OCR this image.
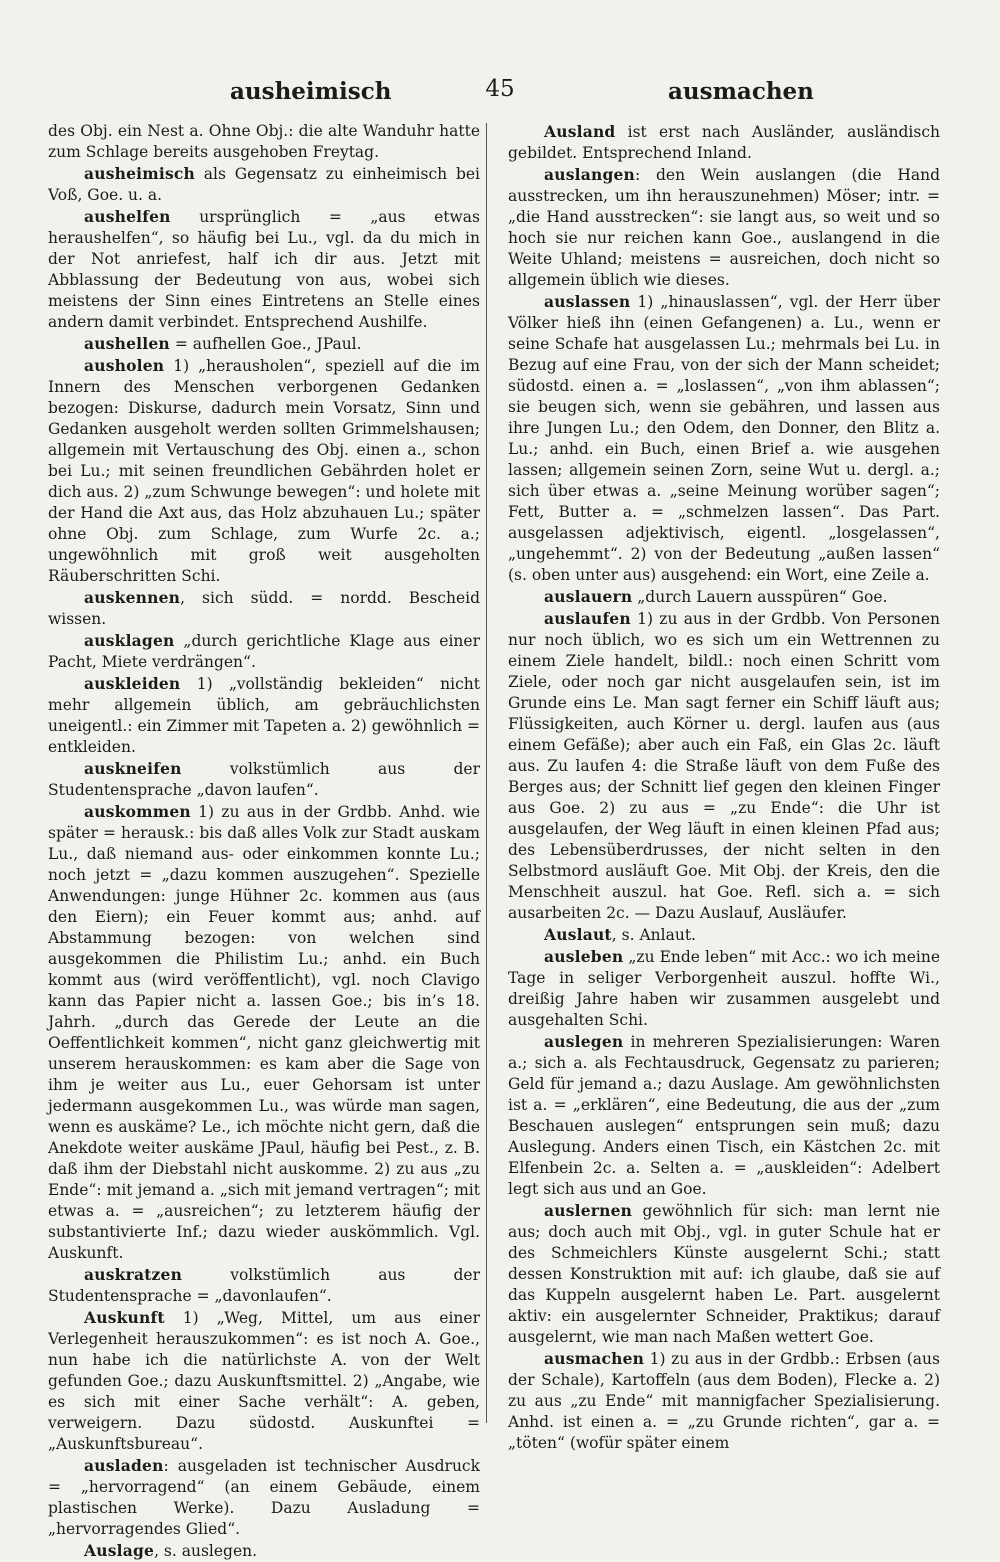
ausheimisch	45	ausmachen

des Obj. ein Nest a. Ohne Obj.: die alte Wanduhr hatte zum Schlage bereits ausgehoben Freytag.

ausheimisch als Gegensatz zu einheimisch bei Voß, Goe. u. a.

aushelfen ursprünglich = „aus etwas heraushelfen“, so häufig bei Lu., vgl. da du mich in der Not anriefest, half ich dir aus. Jetzt mit Abblassung der Bedeutung von aus, wobei sich meistens der Sinn eines Eintretens an Stelle eines andern damit verbindet. Entsprechend Aushilfe.

aushellen = aufhellen Goe., JPaul.

ausholen 1) „herausholen“, speziell auf die im Innern des Menschen verborgenen Gedanken bezogen: Diskurse, dadurch mein Vorsatz, Sinn und Gedanken ausgeholt werden sollten Grimmelshausen; allgemein mit Vertauschung des Obj. einen a., schon bei Lu.; mit seinen freundlichen Gebährden holet er dich aus. 2) „zum Schwunge bewegen“: und holete mit der Hand die Axt aus, das Holz abzuhauen Lu.; später ohne Obj. zum Schlage, zum Wurfe 2c. a.; ungewöhnlich mit groß weit ausgeholten Räuberschritten Schi.

auskennen, sich südd. = nordd. Bescheid wissen.

ausklagen „durch gerichtliche Klage aus einer Pacht, Miete verdrängen“.

auskleiden 1) „vollständig bekleiden“ nicht mehr allgemein üblich, am gebräuchlichsten uneigentl.: ein Zimmer mit Tapeten a. 2) gewöhnlich = entkleiden.

auskneifen volkstümlich aus der Studentensprache „davon laufen“.

auskommen 1) zu aus in der Grdbb. Anhd. wie später = herausk.: bis daß alles Volk zur Stadt auskam Lu., daß niemand aus- oder einkommen konnte Lu.; noch jetzt = „dazu kommen auszugehen“. Spezielle Anwendungen: junge Hühner 2c. kommen aus (aus den Eiern); ein Feuer kommt aus; anhd. auf Abstammung bezogen: von welchen sind ausgekommen die Philistim Lu.; anhd. ein Buch kommt aus (wird veröffentlicht), vgl. noch Clavigo kann das Papier nicht a. lassen Goe.; bis in’s 18. Jahrh. „durch das Gerede der Leute an die Oeffentlichkeit kommen“, nicht ganz gleichwertig mit unserem herauskommen: es kam aber die Sage von ihm je weiter aus Lu., euer Gehorsam ist unter jedermann ausgekommen Lu., was würde man sagen, wenn es auskäme? Le., ich möchte nicht gern, daß die Anekdote weiter auskäme JPaul, häufig bei Pest., z. B. daß ihm der Diebstahl nicht auskomme. 2) zu aus „zu Ende“: mit jemand a. „sich mit jemand vertragen“; mit etwas a. = „ausreichen“; zu letzterem häufig der substantivierte Inf.; dazu wieder auskömmlich. Vgl. Auskunft.

auskratzen volkstümlich aus der Studentensprache = „davonlaufen“.

Auskunft 1) „Weg, Mittel, um aus einer Verlegenheit herauszukommen“: es ist noch A. Goe., nun habe ich die natürlichste A. von der Welt gefunden Goe.; dazu Auskunftsmittel. 2) „Angabe, wie es sich mit einer Sache verhält“: A. geben, verweigern. Dazu südostd. Auskunftei = „Auskunftsbureau“.

ausladen: ausgeladen ist technischer Ausdruck = „hervorragend“ (an einem Gebäude, einem plastischen Werke). Dazu Ausladung = „hervorragendes Glied“.

Auslage, s. auslegen.

Ausland ist erst nach Ausländer, ausländisch gebildet. Entsprechend Inland.

auslangen: den Wein auslangen (die Hand ausstrecken, um ihn herauszunehmen) Möser; intr. = „die Hand ausstrecken“: sie langt aus, so weit und so hoch sie nur reichen kann Goe., auslangend in die Weite Uhland; meistens = ausreichen, doch nicht so allgemein üblich wie dieses.

auslassen 1) „hinauslassen“, vgl. der Herr über Völker hieß ihn (einen Gefangenen) a. Lu., wenn er seine Schafe hat ausgelassen Lu.; mehrmals bei Lu. in Bezug auf eine Frau, von der sich der Mann scheidet; südostd. einen a. = „loslassen“, „von ihm ablassen“; sie beugen sich, wenn sie gebähren, und lassen aus ihre Jungen Lu.; den Odem, den Donner, den Blitz a. Lu.; anhd. ein Buch, einen Brief a. wie ausgehen lassen; allgemein seinen Zorn, seine Wut u. dergl. a.; sich über etwas a. „seine Meinung worüber sagen“; Fett, Butter a. = „schmelzen lassen“. Das Part. ausgelassen adjektivisch, eigentl. „losgelassen“, „ungehemmt“. 2) von der Bedeutung „außen lassen“ (s. oben unter aus) ausgehend: ein Wort, eine Zeile a.

auslauern „durch Lauern ausspüren“ Goe.

auslaufen 1) zu aus in der Grdbb. Von Personen nur noch üblich, wo es sich um ein Wettrennen zu einem Ziele handelt, bildl.: noch einen Schritt vom Ziele, oder noch gar nicht ausgelaufen sein, ist im Grunde eins Le. Man sagt ferner ein Schiff läuft aus; Flüssigkeiten, auch Körner u. dergl. laufen aus (aus einem Gefäße); aber auch ein Faß, ein Glas 2c. läuft aus. Zu laufen 4: die Straße läuft von dem Fuße des Berges aus; der Schnitt lief gegen den kleinen Finger aus Goe. 2) zu aus = „zu Ende“: die Uhr ist ausgelaufen, der Weg läuft in einen kleinen Pfad aus; des Lebensüberdrusses, der nicht selten in den Selbstmord ausläuft Goe. Mit Obj. der Kreis, den die Menschheit auszul. hat Goe. Refl. sich a. = sich ausarbeiten 2c. — Dazu Auslauf, Ausläufer.

Auslaut, s. Anlaut.

ausleben „zu Ende leben“ mit Acc.: wo ich meine Tage in seliger Verborgenheit auszul. hoffte Wi., dreißig Jahre haben wir zusammen ausgelebt und ausgehalten Schi.

auslegen in mehreren Spezialisierungen: Waren a.; sich a. als Fechtausdruck, Gegensatz zu parieren; Geld für jemand a.; dazu Auslage. Am gewöhnlichsten ist a. = „erklären“, eine Bedeutung, die aus der „zum Beschauen auslegen“ entsprungen sein muß; dazu Auslegung. Anders einen Tisch, ein Kästchen 2c. mit Elfenbein 2c. a. Selten a. = „auskleiden“: Adelbert legt sich aus und an Goe.

auslernen gewöhnlich für sich: man lernt nie aus; doch auch mit Obj., vgl. in guter Schule hat er des Schmeichlers Künste ausgelernt Schi.; statt dessen Konstruktion mit auf: ich glaube, daß sie auf das Kuppeln ausgelernt haben Le. Part. ausgelernt aktiv: ein ausgelernter Schneider, Praktikus; darauf ausgelernt, wie man nach Maßen wettert Goe.

ausmachen 1) zu aus in der Grdbb.: Erbsen (aus der Schale), Kartoffeln (aus dem Boden), Flecke a. 2) zu aus „zu Ende“ mit mannigfacher Spezialisierung. Anhd. ist einen a. = „zu Grunde richten“, gar a. = „töten“ (wofür später einem
